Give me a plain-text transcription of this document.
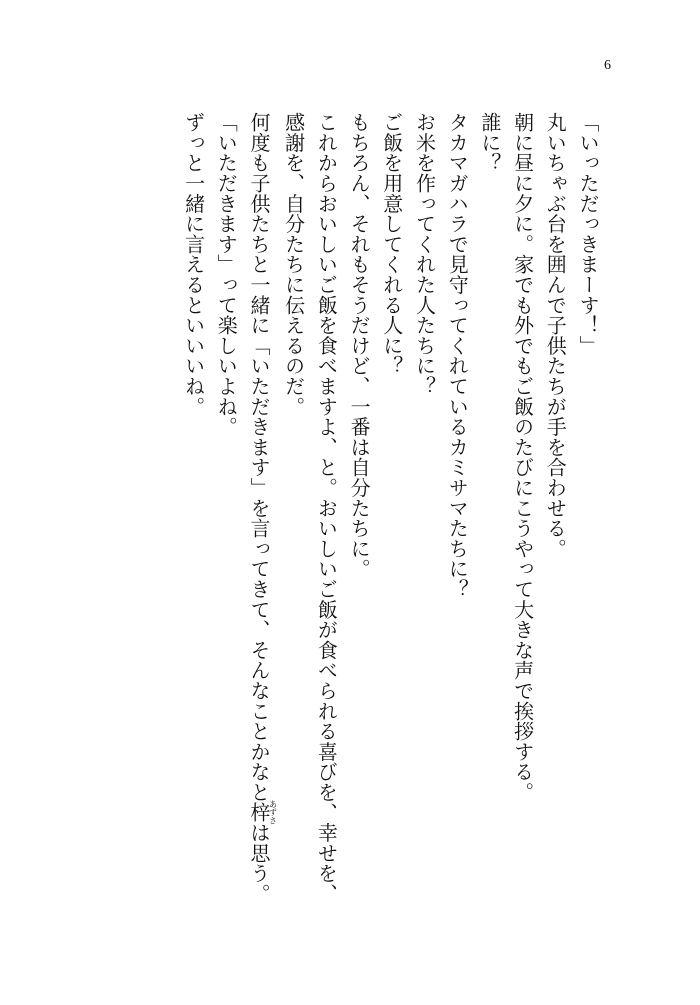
6
「いっただっきまーす！」
丸いちゃぶ台を囲んで子供たちが手を合わせる。
朝に昼に夕に。家でも外でもご飯のたびにこうやって大きな声で挨拶する。
誰に？
タカマガハラで見守ってくれているカミサマたちに？
お米を作ってくれた人たちに？
ご飯を用意してくれる人に？
もちろん、それもそうだけど、一番は自分たちに。
これからおいしいご飯を食べますよ、と。おいしいご飯が食べられる喜びを、幸せを、
感謝を、自分たちに伝えるのだ。
何度も子供たちと一緒に「いただきます」を言ってきて、そんなことかなと梓あずさは思う。
「いただきます」って楽しいよね。
ずっと一緒に言えるといいいね。
